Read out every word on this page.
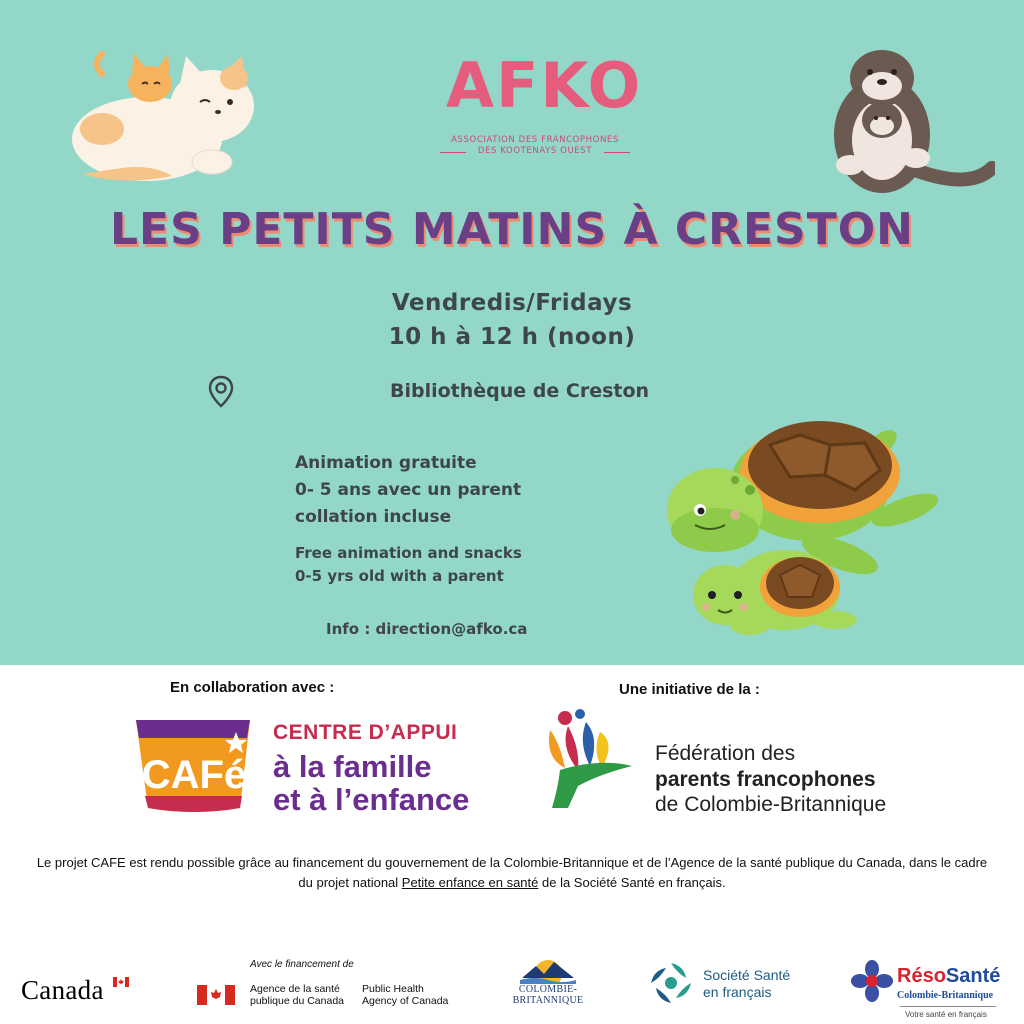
AFKO
ASSOCIATION DES FRANCOPHONES
DES KOOTENAYS OUEST
LES PETITS MATINS À CRESTON
Vendredis/Fridays
10 h à 12 h (noon)
Bibliothèque de Creston
Animation gratuite
0- 5 ans avec un parent
collation incluse
Free animation and snacks
0-5 yrs old with a parent
Info : direction@afko.ca
En collaboration avec :	Une initiative de la :
CAFé
CENTRE D’APPUI
à la famille
et à l’enfance
Fédération des
parents francophones
de Colombie-Britannique
Le projet CAFE est rendu possible grâce au financement du gouvernement de la Colombie-Britannique et de l’Agence de la santé publique du Canada, dans le cadre du projet national Petite enfance en santé de la Société Santé en français.
Canada
Avec le financement de
Agence de la santé
publique du Canada
Public Health
Agency of Canada
COLOMBIE-
BRITANNIQUE
Société Santé
en français
RésoSanté
Colombie-Britannique
Votre santé en français
